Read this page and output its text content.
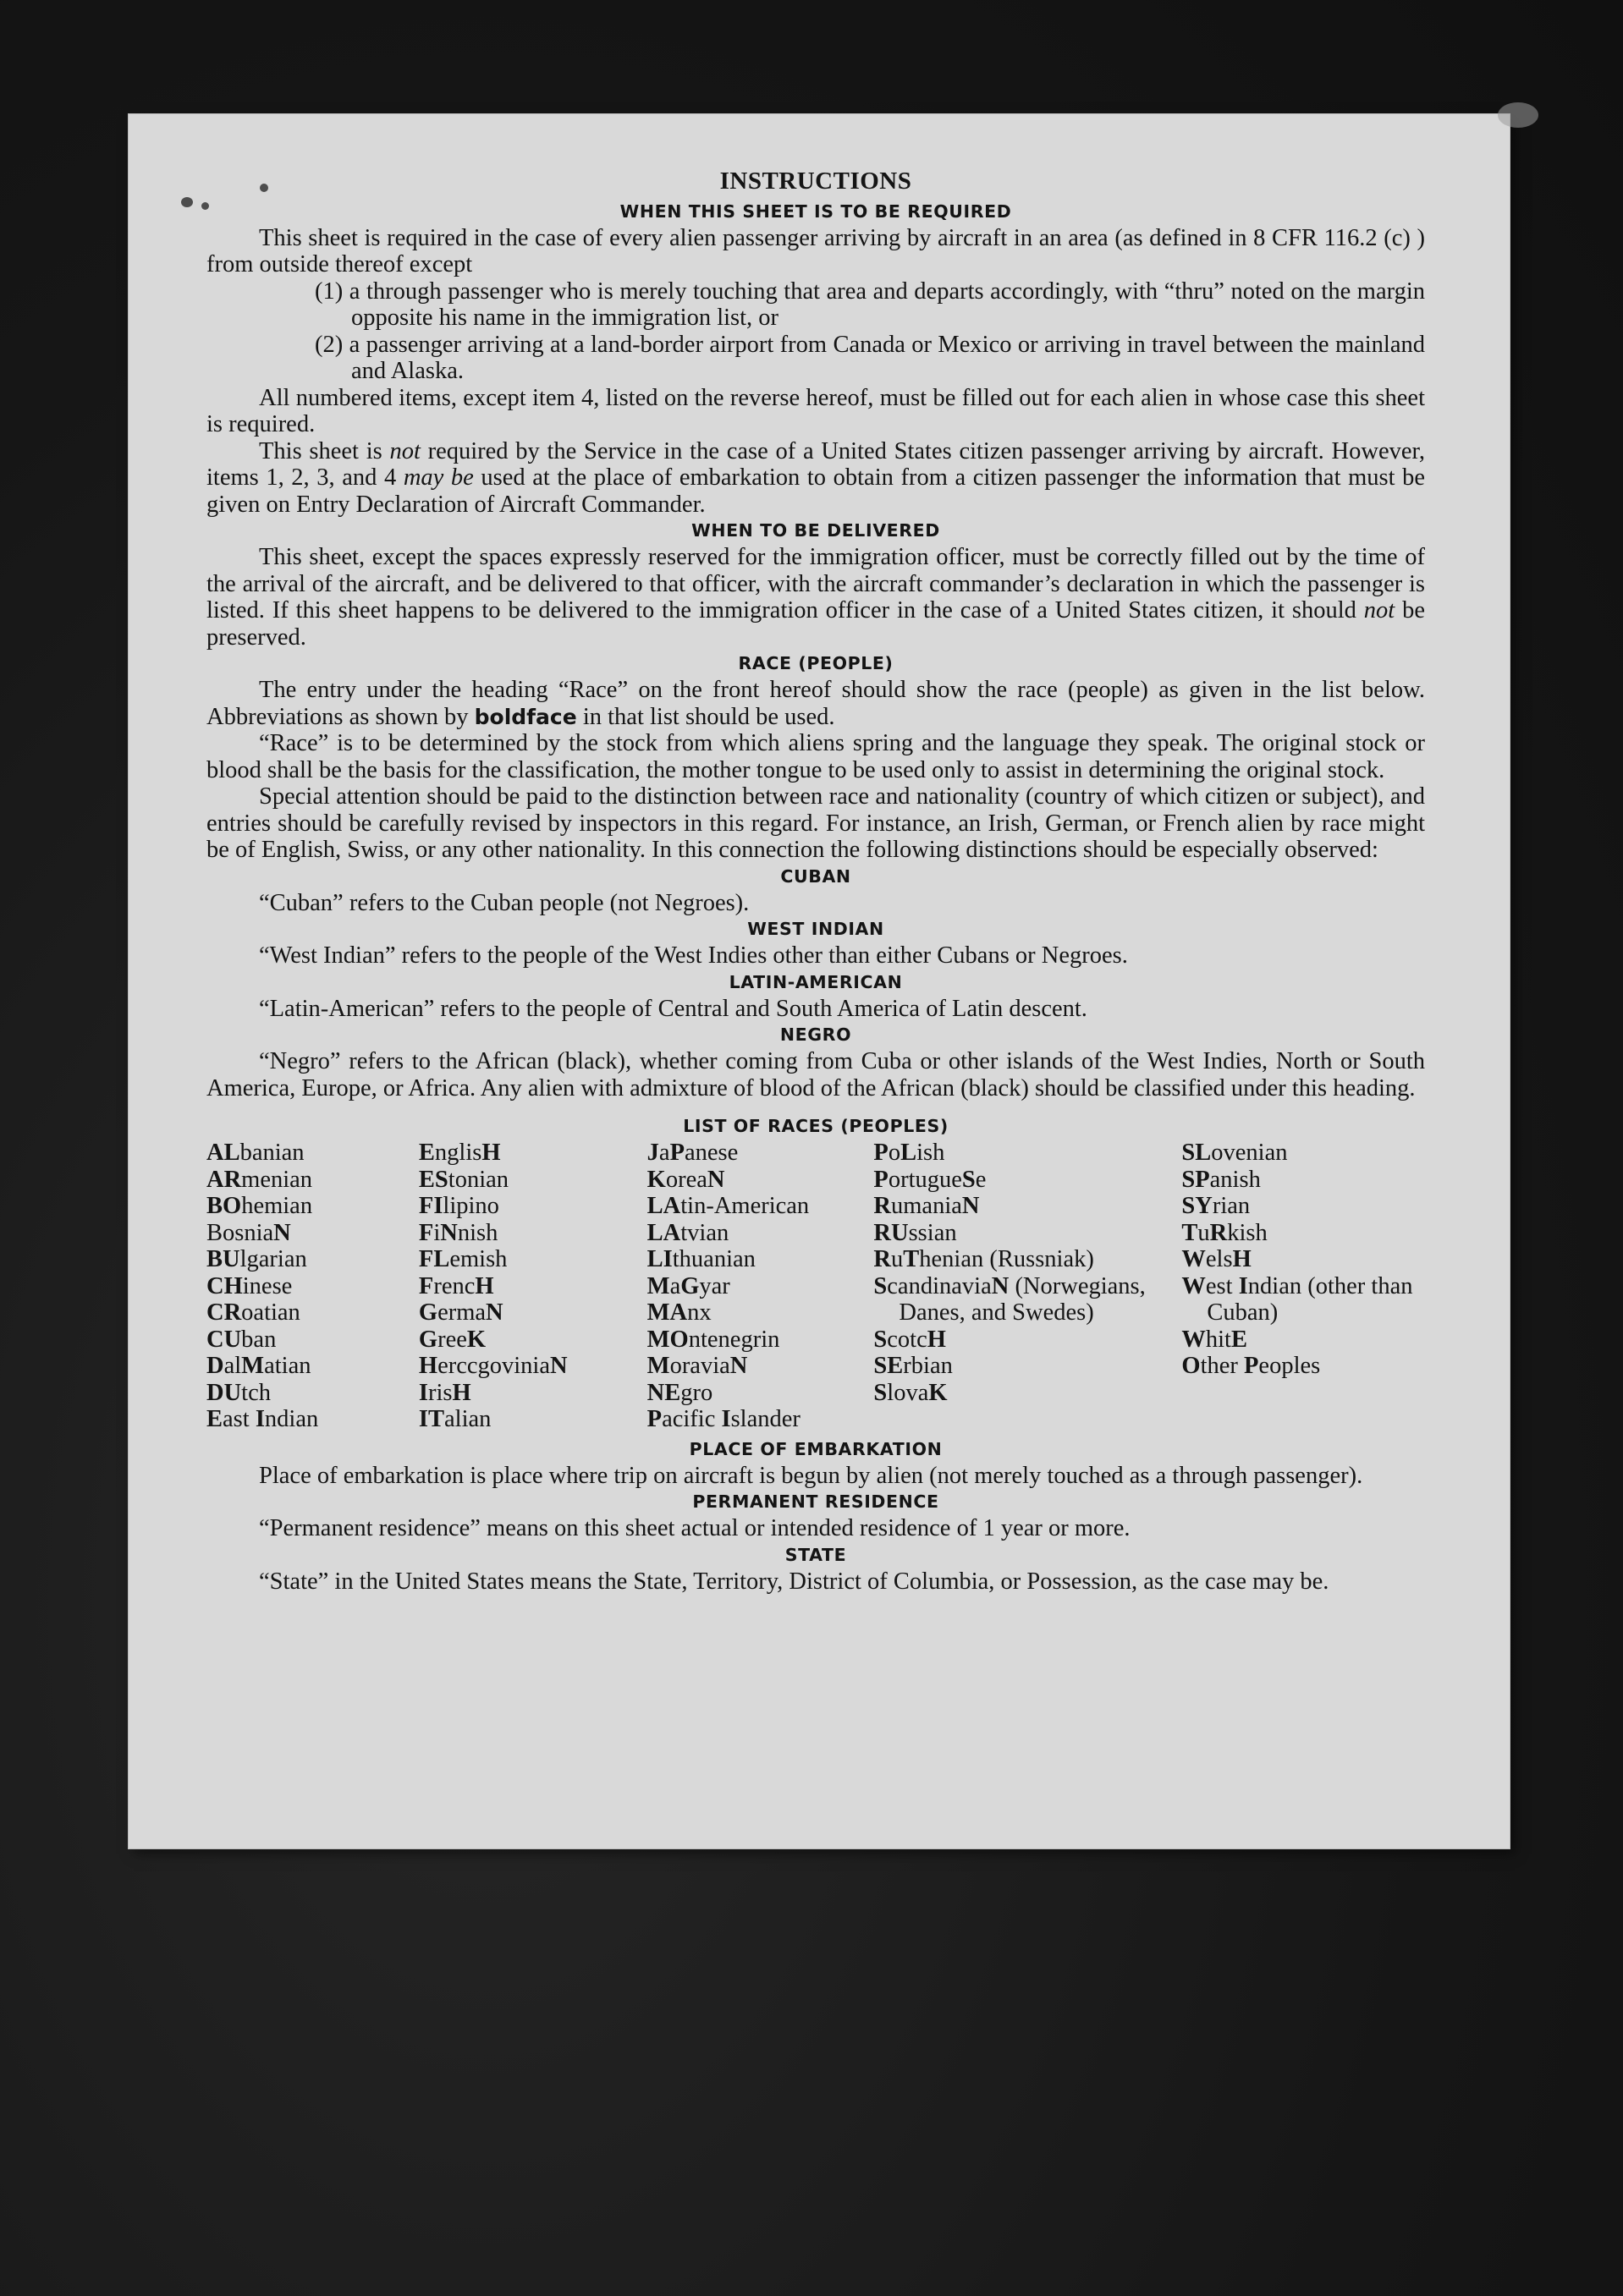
INSTRUCTIONS

WHEN THIS SHEET IS TO BE REQUIRED

This sheet is required in the case of every alien passenger arriving by aircraft in an area (as defined in 8 CFR 116.2 (c) ) from outside thereof except

(1) a through passenger who is merely touching that area and departs accordingly, with “thru” noted on the margin opposite his name in the immigration list, or

(2) a passenger arriving at a land-border airport from Canada or Mexico or arriving in travel between the mainland and Alaska.

All numbered items, except item 4, listed on the reverse hereof, must be filled out for each alien in whose case this sheet is required.

This sheet is not required by the Service in the case of a United States citizen passenger arriving by aircraft. However, items 1, 2, 3, and 4 may be used at the place of embarkation to obtain from a citizen passenger the information that must be given on Entry Declaration of Aircraft Commander.

WHEN TO BE DELIVERED

This sheet, except the spaces expressly reserved for the immigration officer, must be correctly filled out by the time of the arrival of the aircraft, and be delivered to that officer, with the aircraft commander’s declaration in which the passenger is listed. If this sheet happens to be delivered to the immigration officer in the case of a United States citizen, it should not be preserved.

RACE (PEOPLE)

The entry under the heading “Race” on the front hereof should show the race (people) as given in the list below. Abbreviations as shown by boldface in that list should be used.

“Race” is to be determined by the stock from which aliens spring and the language they speak. The original stock or blood shall be the basis for the classification, the mother tongue to be used only to assist in determining the original stock.

Special attention should be paid to the distinction between race and nationality (country of which citizen or subject), and entries should be carefully revised by inspectors in this regard. For instance, an Irish, German, or French alien by race might be of English, Swiss, or any other nationality. In this connection the following distinctions should be especially observed:

CUBAN

“Cuban” refers to the Cuban people (not Negroes).

WEST INDIAN

“West Indian” refers to the people of the West Indies other than either Cubans or Negroes.

LATIN-AMERICAN

“Latin-American” refers to the people of Central and South America of Latin descent.

NEGRO

“Negro” refers to the African (black), whether coming from Cuba or other islands of the West Indies, North or South America, Europe, or Africa. Any alien with admixture of blood of the African (black) should be classified under this heading.

LIST OF RACES (PEOPLES)

ALbanian
ARmenian
BOhemian
BosniaN
BUlgarian
CHinese
CRoatian
CUban
DalMatian
DUtch
East Indian
EnglisH
EStonian
FIlipino
FiNnish
FLemish
FrencH
GermaN
GreeK
HerccgoviniaN
IrisH
ITalian
JaPanese
KoreaN
LAtin-American
LAtvian
LIthuanian
MaGyar
MAnx
MOntenegrin
MoraviaN
NEgro
Pacific Islander
PoLish
PortugueSe
RumaniaN
RUssian
RuThenian (Russniak)
ScandinaviaN (Norwegians, Danes, and Swedes)
ScotcH
SErbian
SlovaK
SLovenian
SPanish
SYrian
TuRkish
WelsH
West Indian (other than Cuban)
WhitE
Other Peoples

PLACE OF EMBARKATION

Place of embarkation is place where trip on aircraft is begun by alien (not merely touched as a through passenger).

PERMANENT RESIDENCE

“Permanent residence” means on this sheet actual or intended residence of 1 year or more.

STATE

“State” in the United States means the State, Territory, District of Columbia, or Possession, as the case may be.
